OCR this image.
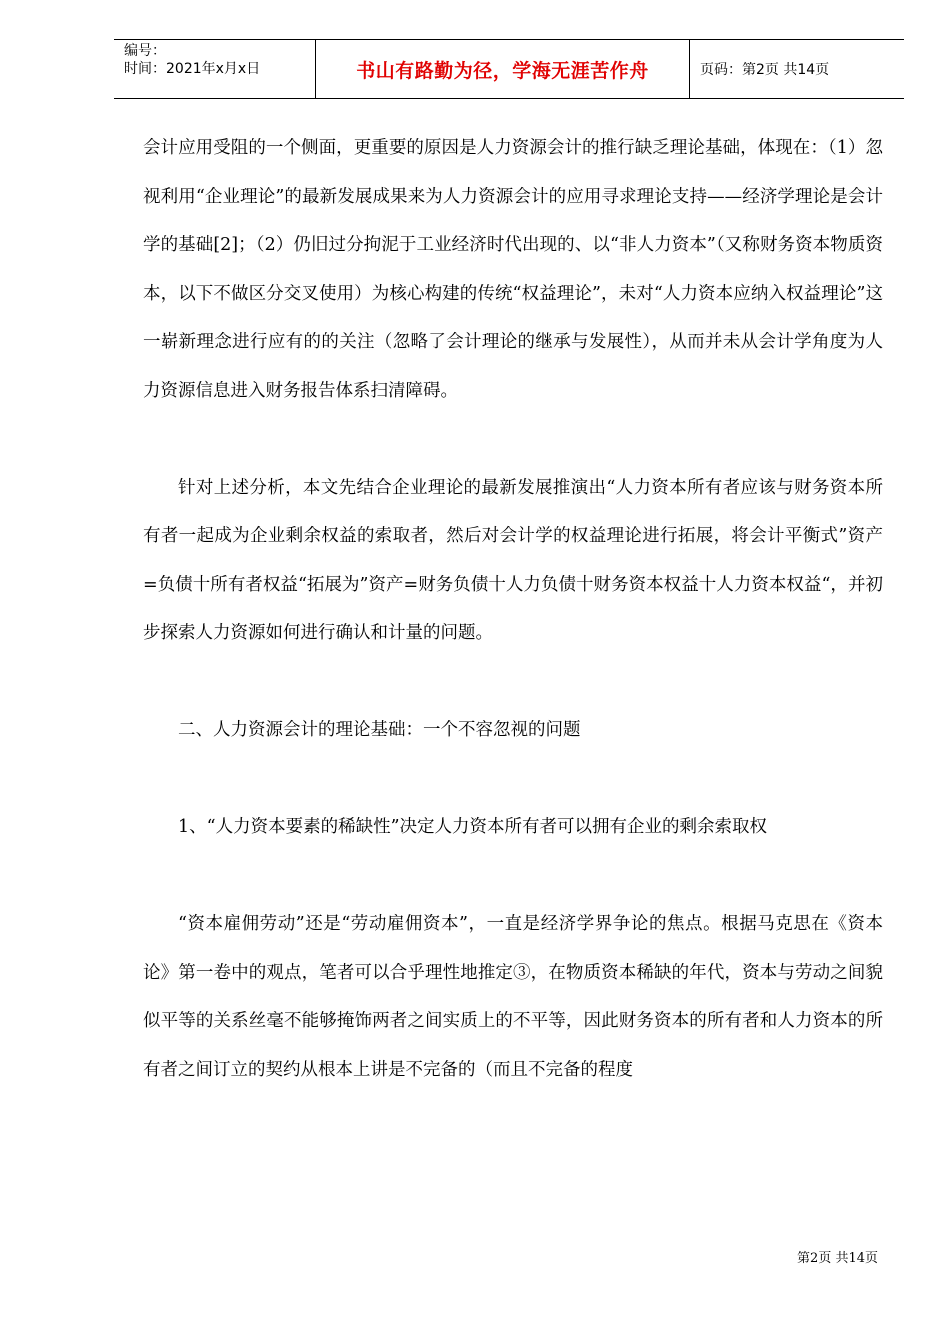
编号：
时间：2021年x月x日	书山有路勤为径，学海无涯苦作舟	页码：第2页 共14页

会计应用受阻的一个侧面，更重要的原因是人力资源会计的推行缺乏理论基础，体现在：（1）忽视利用“企业理论”的最新发展成果来为人力资源会计的应用寻求理论支持——经济学理论是会计学的基础[2]；（2）仍旧过分拘泥于工业经济时代出现的、以“非人力资本”（又称财务资本物质资本，以下不做区分交叉使用）为核心构建的传统“权益理论”，未对“人力资本应纳入权益理论”这一崭新理念进行应有的的关注（忽略了会计理论的继承与发展性），从而并未从会计学角度为人力资源信息进入财务报告体系扫清障碍。

针对上述分析，本文先结合企业理论的最新发展推演出“人力资本所有者应该与财务资本所有者一起成为企业剩余权益的索取者，然后对会计学的权益理论进行拓展，将会计平衡式”资产=负债十所有者权益“拓展为”资产=财务负债十人力负债十财务资本权益十人力资本权益“，并初步探索人力资源如何进行确认和计量的问题。

二、人力资源会计的理论基础：一个不容忽视的问题

1、“人力资本要素的稀缺性”决定人力资本所有者可以拥有企业的剩余索取权

“资本雇佣劳动”还是“劳动雇佣资本”，一直是经济学界争论的焦点。根据马克思在《资本论》第一卷中的观点，笔者可以合乎理性地推定③，在物质资本稀缺的年代，资本与劳动之间貌似平等的关系丝毫不能够掩饰两者之间实质上的不平等，因此财务资本的所有者和人力资本的所有者之间订立的契约从根本上讲是不完备的（而且不完备的程度

第2页 共14页
